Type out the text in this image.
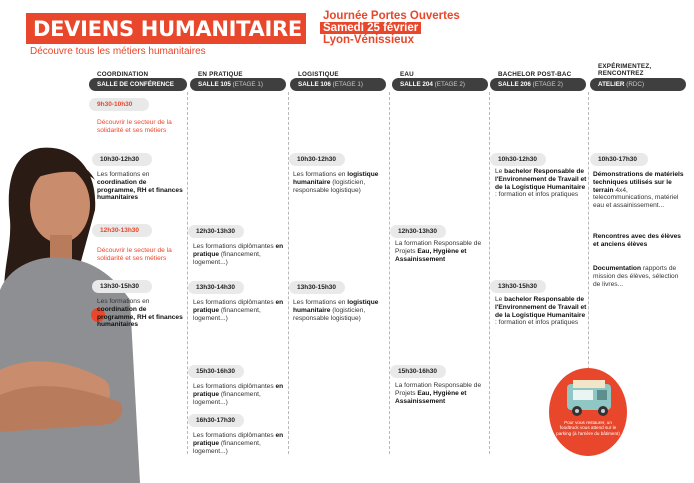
DEVIENS HUMANITAIRE
Découvre tous les métiers humanitaires
Journée Portes Ouvertes
Samedi 25 février
Lyon-Vénissieux
COORDINATION
SALLE DE CONFÉRENCE
EN PRATIQUE
SALLE 105 (ETAGE 1)
LOGISTIQUE
SALLE 106 (ETAGE 1)
EAU
SALLE 204 (ETAGE 2)
BACHELOR POST-BAC
SALLE 206 (ETAGE 2)
EXPÉRIMENTEZ, RENCONTREZ
ATELIER (RDC)
9h30-10h30
Découvrir le secteur de la solidarité et ses métiers
10h30-12h30
Les formations en coordination de programme, RH et finances humanitaires
12h30-13h30
Découvrir le secteur de la solidarité et ses métiers
13h30-15h30
Les formations en coordination de programme, RH et finances humanitaires
12h30-13h30
Les formations diplômantes en pratique (financement, logement...)
13h30-14h30
Les formations diplômantes en pratique (financement, logement...)
15h30-16h30
Les formations diplômantes en pratique (financement, logement...)
16h30-17h30
Les formations diplômantes en pratique (financement, logement...)
10h30-12h30
Les formations en logistique humanitaire (logisticien, responsable logistique)
13h30-15h30
Les formations en logistique humanitaire (logisticien, responsable logistique)
12h30-13h30
La formation Responsable de Projets Eau, Hygiène et Assainissement
15h30-16h30
La formation Responsable de Projets Eau, Hygiène et Assainissement
10h30-12h30
Le bachelor Responsable de l'Environnement de Travail et de la Logistique Humanitaire : formation et infos pratiques
13h30-15h30
Le bachelor Responsable de l'Environnement de Travail et de la Logistique Humanitaire : formation et infos pratiques
10h30-17h30
Démonstrations de matériels techniques utilisés sur le terrain 4x4, telecommunications, matériel eau et assainissement...
Rencontres avec des élèves et anciens élèves
Documentation rapports de mission des élèves, sélection de livres...
Pour vous restaurer, un foodtruck vous attend sur le parking (à l'arrière du bâtiment)
